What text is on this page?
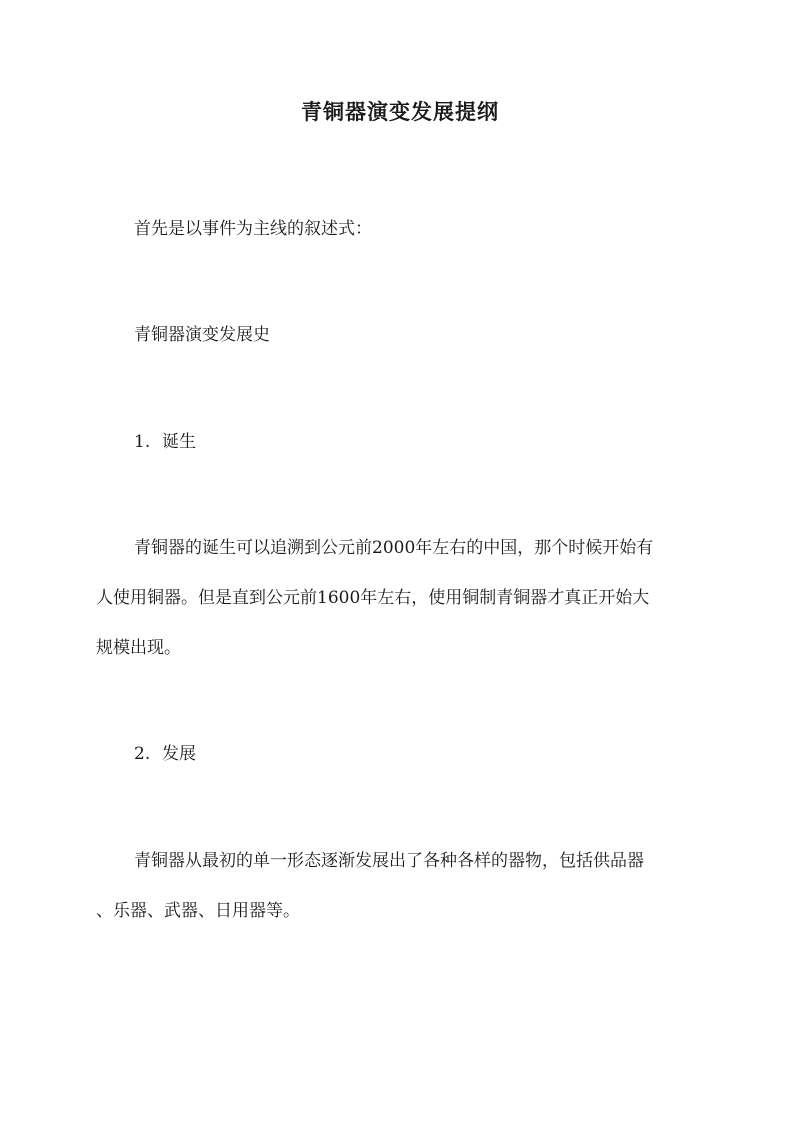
青铜器演变发展提纲
首先是以事件为主线的叙述式：
青铜器演变发展史
1. 诞生
青铜器的诞生可以追溯到公元前2000年左右的中国，那个时候开始有
人使用铜器。但是直到公元前1600年左右，使用铜制青铜器才真正开始大
规模出现。
2. 发展
青铜器从最初的单一形态逐渐发展出了各种各样的器物，包括供品器
、乐器、武器、日用器等。
